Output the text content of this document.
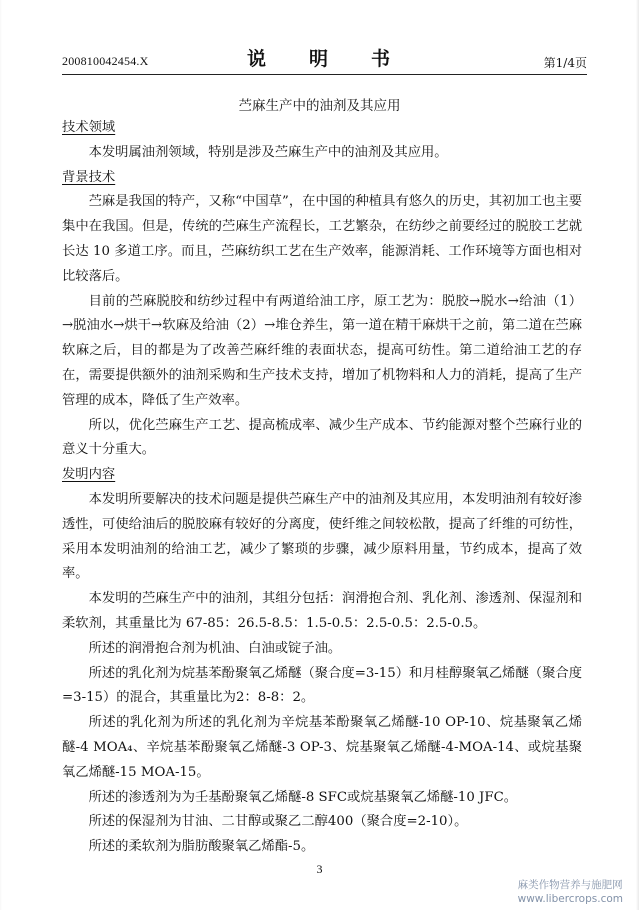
200810042454.X	说　明　书	第1/4页
苎麻生产中的油剂及其应用

技术领域

本发明属油剂领域，特别是涉及苎麻生产中的油剂及其应用。

背景技术

苎麻是我国的特产，又称“中国草”，在中国的种植具有悠久的历史，其初加工也主要集中在我国。但是，传统的苎麻生产流程长，工艺繁杂，在纺纱之前要经过的脱胶工艺就长达 10 多道工序。而且，苎麻纺织工艺在生产效率，能源消耗、工作环境等方面也相对比较落后。

目前的苎麻脱胶和纺纱过程中有两道给油工序，原工艺为：脱胶→脱水→给油（1）→脱油水→烘干→软麻及给油（2）→堆仓养生，第一道在精干麻烘干之前，第二道在苎麻软麻之后，目的都是为了改善苎麻纤维的表面状态，提高可纺性。第二道给油工艺的存在，需要提供额外的油剂采购和生产技术支持，增加了机物料和人力的消耗，提高了生产管理的成本，降低了生产效率。

所以，优化苎麻生产工艺、提高梳成率、减少生产成本、节约能源对整个苎麻行业的意义十分重大。

发明内容

本发明所要解决的技术问题是提供苎麻生产中的油剂及其应用，本发明油剂有较好渗透性，可使给油后的脱胶麻有较好的分离度，使纤维之间较松散，提高了纤维的可纺性，采用本发明油剂的给油工艺，减少了繁琐的步骤，减少原料用量，节约成本，提高了效率。

本发明的苎麻生产中的油剂，其组分包括：润滑抱合剂、乳化剂、渗透剂、保湿剂和柔软剂，其重量比为 67-85：26.5-8.5：1.5-0.5：2.5-0.5：2.5-0.5。

所述的润滑抱合剂为机油、白油或锭子油。

所述的乳化剂为烷基苯酚聚氧乙烯醚（聚合度=3-15）和月桂醇聚氧乙烯醚（聚合度=3-15）的混合，其重量比为2：8-8：2。

所述的乳化剂为所述的乳化剂为辛烷基苯酚聚氧乙烯醚-10 OP-10、烷基聚氧乙烯醚-4 MOA₄、辛烷基苯酚聚氧乙烯醚-3 OP-3、烷基聚氧乙烯醚-4-MOA-14、或烷基聚氧乙烯醚-15 MOA-15。

所述的渗透剂为为壬基酚聚氧乙烯醚-8 SFC或烷基聚氧乙烯醚-10 JFC。

所述的保湿剂为甘油、二甘醇或聚乙二醇400（聚合度=2-10）。

所述的柔软剂为脂肪酸聚氧乙烯酯-5。

3
麻类作物营养与施肥网
www.libercrops.com
